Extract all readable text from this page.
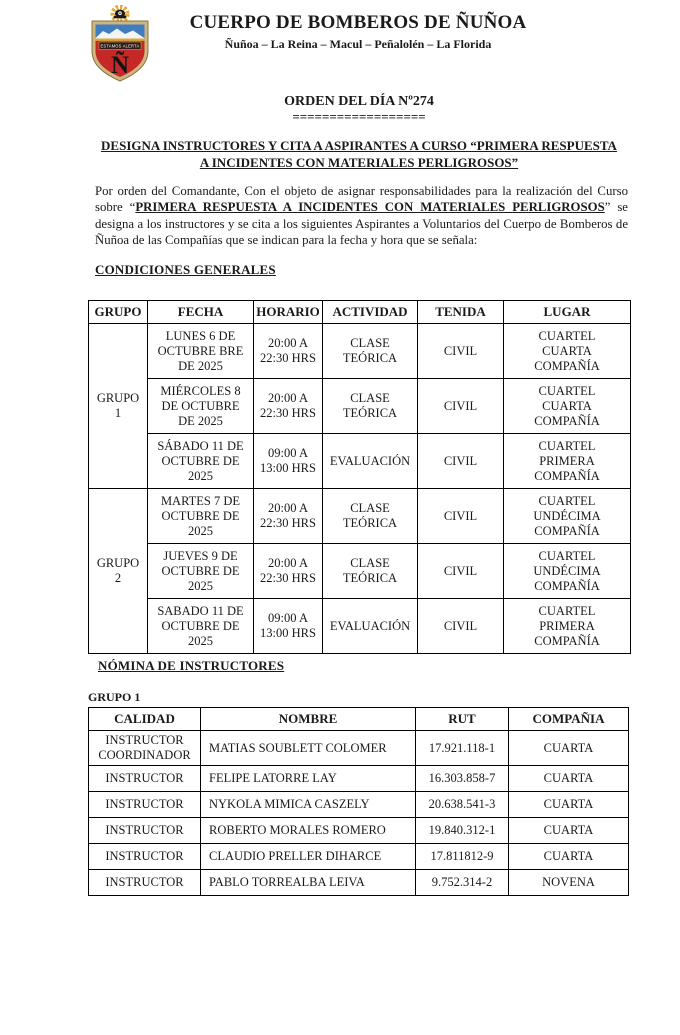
ESTAMOS ALERTA
Ñ
CUERPO DE BOMBEROS DE ÑUÑOA
Ñuñoa – La Reina – Macul – Peñalolén – La Florida
ORDEN DEL DÍA Nº274
==================
DESIGNA INSTRUCTORES Y CITA A ASPIRANTES A CURSO “PRIMERA RESPUESTA
A INCIDENTES CON MATERIALES PERLIGROSOS”
Por orden del Comandante, Con el objeto de asignar responsabilidades para la realización del Curso sobre “PRIMERA RESPUESTA A INCIDENTES CON MATERIALES PERLIGROSOS” se designa a los instructores y se cita a los siguientes Aspirantes a Voluntarios del Cuerpo de Bomberos de Ñuñoa de las Compañías que se indican para la fecha y hora que se señala:
CONDICIONES GENERALES
GRUPO	FECHA	HORARIO	ACTIVIDAD	TENIDA	LUGAR
GRUPO 1	LUNES 6 DE OCTUBRE BRE DE 2025	20:00 A 22:30 HRS	CLASE TEÓRICA	CIVIL	CUARTEL CUARTA COMPAÑÍA
	MIÉRCOLES 8 DE OCTUBRE DE 2025	20:00 A 22:30 HRS	CLASE TEÓRICA	CIVIL	CUARTEL CUARTA COMPAÑÍA
	SÁBADO 11 DE OCTUBRE DE 2025	09:00 A 13:00 HRS	EVALUACIÓN	CIVIL	CUARTEL PRIMERA COMPAÑÍA
GRUPO 2	MARTES 7 DE OCTUBRE DE 2025	20:00 A 22:30 HRS	CLASE TEÓRICA	CIVIL	CUARTEL UNDÉCIMA COMPAÑÍA
	JUEVES 9 DE OCTUBRE DE 2025	20:00 A 22:30 HRS	CLASE TEÓRICA	CIVIL	CUARTEL UNDÉCIMA COMPAÑÍA
	SABADO 11 DE OCTUBRE DE 2025	09:00 A 13:00 HRS	EVALUACIÓN	CIVIL	CUARTEL PRIMERA COMPAÑÍA
NÓMINA DE INSTRUCTORES
GRUPO 1
CALIDAD	NOMBRE	RUT	COMPAÑIA
INSTRUCTOR COORDINADOR	MATIAS SOUBLETT COLOMER	17.921.118-1	CUARTA
INSTRUCTOR	FELIPE LATORRE LAY	16.303.858-7	CUARTA
INSTRUCTOR	NYKOLA MIMICA CASZELY	20.638.541-3	CUARTA
INSTRUCTOR	ROBERTO MORALES ROMERO	19.840.312-1	CUARTA
INSTRUCTOR	CLAUDIO PRELLER DIHARCE	17.811812-9	CUARTA
INSTRUCTOR	PABLO TORREALBA LEIVA	9.752.314-2	NOVENA
